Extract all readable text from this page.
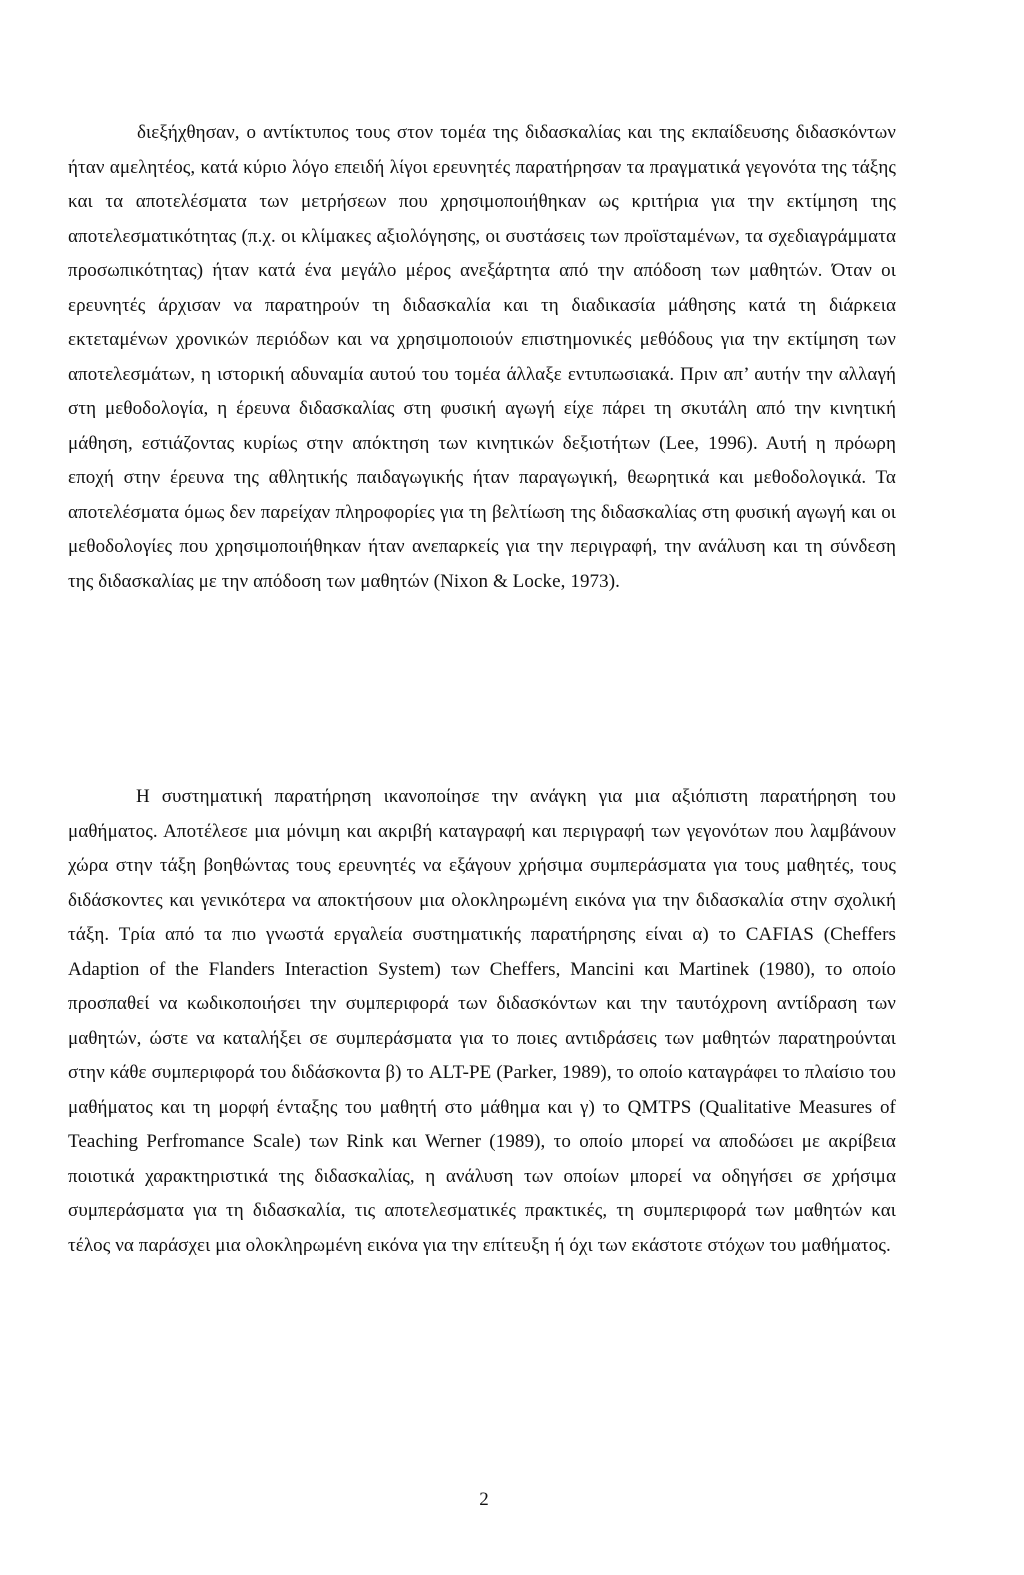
διεξήχθησαν, ο αντίκτυπος τους στον τομέα της διδασκαλίας και της εκπαίδευσης διδασκόντων ήταν αμελητέος, κατά κύριο λόγο επειδή λίγοι ερευνητές παρατήρησαν τα πραγματικά γεγονότα της τάξης και τα αποτελέσματα των μετρήσεων που χρησιμοποιήθηκαν ως κριτήρια για την εκτίμηση της αποτελεσματικότητας (π.χ. οι κλίμακες αξιολόγησης, οι συστάσεις των προϊσταμένων, τα σχεδιαγράμματα προσωπικότητας) ήταν κατά ένα μεγάλο μέρος ανεξάρτητα από την απόδοση των μαθητών. Όταν οι ερευνητές άρχισαν να παρατηρούν τη διδασκαλία και τη διαδικασία μάθησης κατά τη διάρκεια εκτεταμένων χρονικών περιόδων και να χρησιμοποιούν επιστημονικές μεθόδους για την εκτίμηση των αποτελεσμάτων, η ιστορική αδυναμία αυτού του τομέα άλλαξε εντυπωσιακά. Πριν απ’ αυτήν την αλλαγή στη μεθοδολογία, η έρευνα διδασκαλίας στη φυσική αγωγή είχε πάρει τη σκυτάλη από την κινητική μάθηση, εστιάζοντας κυρίως στην απόκτηση των κινητικών δεξιοτήτων (Lee, 1996). Αυτή η πρόωρη εποχή στην έρευνα της αθλητικής παιδαγωγικής ήταν παραγωγική, θεωρητικά και μεθοδολογικά. Τα αποτελέσματα όμως δεν παρείχαν πληροφορίες για τη βελτίωση της διδασκαλίας στη φυσική αγωγή και οι μεθοδολογίες που χρησιμοποιήθηκαν ήταν ανεπαρκείς για την περιγραφή, την ανάλυση και τη σύνδεση της διδασκαλίας με την απόδοση των μαθητών (Nixon & Locke, 1973).

Η συστηματική παρατήρηση ικανοποίησε την ανάγκη για μια αξιόπιστη παρατήρηση του μαθήματος. Αποτέλεσε μια μόνιμη και ακριβή καταγραφή και περιγραφή των γεγονότων που λαμβάνουν χώρα στην τάξη βοηθώντας τους ερευνητές να εξάγουν χρήσιμα συμπεράσματα για τους μαθητές, τους διδάσκοντες και γενικότερα να αποκτήσουν μια ολοκληρωμένη εικόνα για την διδασκαλία στην σχολική τάξη. Τρία από τα πιο γνωστά εργαλεία συστηματικής παρατήρησης είναι α) το CAFIAS (Cheffers Adaption of the Flanders Interaction System) των Cheffers, Mancini και Martinek (1980), το οποίο προσπαθεί να κωδικοποιήσει την συμπεριφορά των διδασκόντων και την ταυτόχρονη αντίδραση των μαθητών, ώστε να καταλήξει σε συμπεράσματα για το ποιες αντιδράσεις των μαθητών παρατηρούνται στην κάθε συμπεριφορά του διδάσκοντα β) το ALT-PE (Parker, 1989), το οποίο καταγράφει το πλαίσιο του μαθήματος και τη μορφή ένταξης του μαθητή στο μάθημα και γ) το QMTPS (Qualitative Measures of Teaching Perfromance Scale) των Rink και Werner (1989), το οποίο μπορεί να αποδώσει με ακρίβεια ποιοτικά χαρακτηριστικά της διδασκαλίας, η ανάλυση των οποίων μπορεί να οδηγήσει σε χρήσιμα συμπεράσματα για τη διδασκαλία, τις αποτελεσματικές πρακτικές, τη συμπεριφορά των μαθητών και τέλος να παράσχει μια ολοκληρωμένη εικόνα για την επίτευξη ή όχι των εκάστοτε στόχων του μαθήματος.

2
